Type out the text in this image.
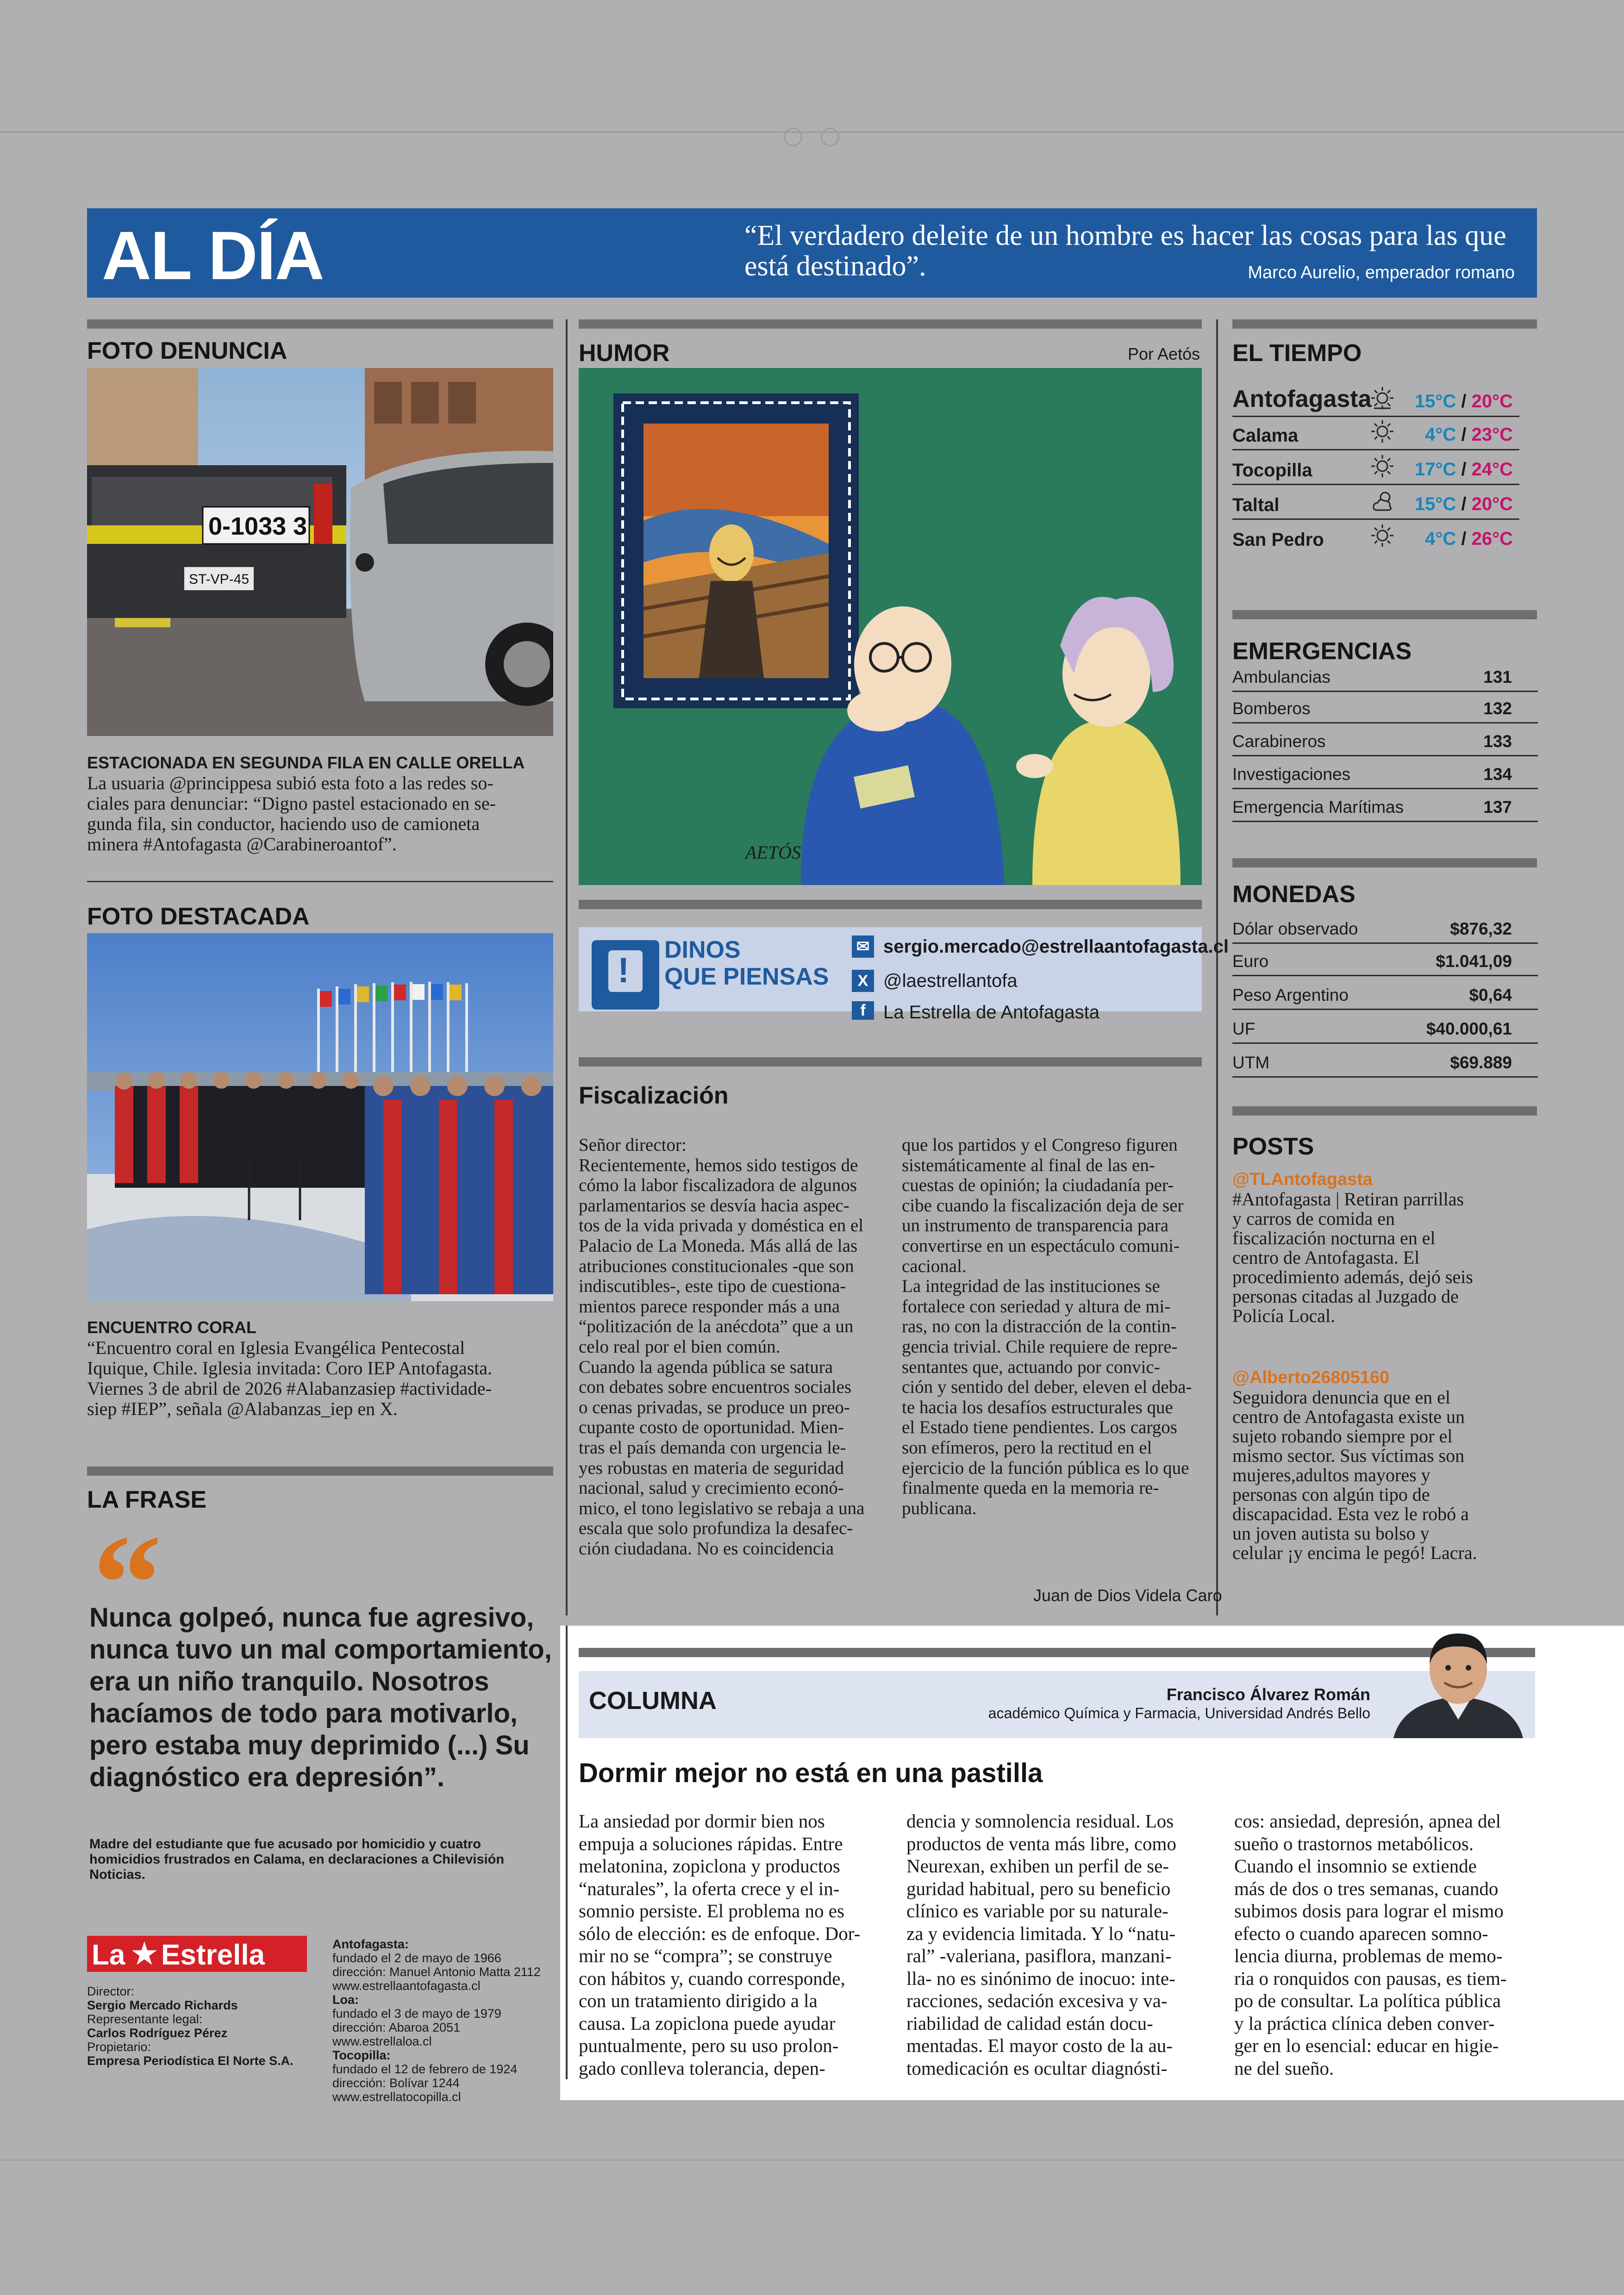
AL DÍA	“El verdadero deleite de un hombre es hacer las cosas para las que está destinado”.	Marco Aurelio, emperador romano
FOTO DENUNCIA
0-1033 3
ST-VP-45
ESTACIONADA EN SEGUNDA FILA EN CALLE ORELLA
La usuaria @princippesa subió esta foto a las redes so-
ciales para denunciar: “Digno pastel estacionado en se-
gunda fila, sin conductor, haciendo uso de camioneta
minera #Antofagasta @Carabineroantof”.
FOTO DESTACADA
ENCUENTRO CORAL
“Encuentro coral en Iglesia Evangélica Pentecostal
Iquique, Chile. Iglesia invitada: Coro IEP Antofagasta.
Viernes 3 de abril de 2026 #Alabanzasiep #actividade-
siep #IEP”, señala @Alabanzas_iep en X.
LA FRASE
“
Nunca golpeó, nunca fue agresivo,
nunca tuvo un mal comportamiento,
era un niño tranquilo. Nosotros
hacíamos de todo para motivarlo,
pero estaba muy deprimido (...) Su
diagnóstico era depresión”.
Madre del estudiante que fue acusado por homicidio y cuatro
homicidios frustrados en Calama, en declaraciones a Chilevisión
Noticias.
La ★ Estrella
Director:
Sergio Mercado Richards
Representante legal:
Carlos Rodríguez Pérez
Propietario:
Empresa Periodística El Norte S.A.
Antofagasta:
fundado el 2 de mayo de 1966
dirección: Manuel Antonio Matta 2112
www.estrellaantofagasta.cl
Loa:
fundado el 3 de mayo de 1979
dirección: Abaroa 2051
www.estrellaloa.cl
Tocopilla:
fundado el 12 de febrero de 1924
dirección: Bolívar 1244
www.estrellatocopilla.cl
HUMOR	Por Aetós
AETÓS
!
DINOS
QUE PIENSAS
✉ sergio.mercado@estrellaantofagasta.cl
X @laestrellantofa
f La Estrella de Antofagasta
Fiscalización
Señor director:
Recientemente, hemos sido testigos de
cómo la labor fiscalizadora de algunos
parlamentarios se desvía hacia aspec-
tos de la vida privada y doméstica en el
Palacio de La Moneda. Más allá de las
atribuciones constitucionales -que son
indiscutibles-, este tipo de cuestiona-
mientos parece responder más a una
“politización de la anécdota” que a un
celo real por el bien común.
Cuando la agenda pública se satura
con debates sobre encuentros sociales
o cenas privadas, se produce un preo-
cupante costo de oportunidad. Mien-
tras el país demanda con urgencia le-
yes robustas en materia de seguridad
nacional, salud y crecimiento econó-
mico, el tono legislativo se rebaja a una
escala que solo profundiza la desafec-
ción ciudadana. No es coincidencia
que los partidos y el Congreso figuren
sistemáticamente al final de las en-
cuestas de opinión; la ciudadanía per-
cibe cuando la fiscalización deja de ser
un instrumento de transparencia para
convertirse en un espectáculo comuni-
cacional.
La integridad de las instituciones se
fortalece con seriedad y altura de mi-
ras, no con la distracción de la contin-
gencia trivial. Chile requiere de repre-
sentantes que, actuando por convic-
ción y sentido del deber, eleven el deba-
te hacia los desafíos estructurales que
el Estado tiene pendientes. Los cargos
son efímeros, pero la rectitud en el
ejercicio de la función pública es lo que
finalmente queda en la memoria re-
publicana.
Juan de Dios Videla Caro
EL TIEMPO
Antofagasta 15°C / 20°C
Calama	4°C / 23°C
Tocopilla	17°C / 24°C
Taltal	15°C / 20°C
San Pedro	4°C / 26°C
EMERGENCIAS
Ambulancias	131
Bomberos	132
Carabineros	133
Investigaciones	134
Emergencia Marítimas	137
MONEDAS
Dólar observado	$876,32
Euro	$1.041,09
Peso Argentino	$0,64
UF	$40.000,61
UTM	$69.889
POSTS
@TLAntofagasta
#Antofagasta | Retiran parrillas
y carros de comida en
fiscalización nocturna en el
centro de Antofagasta. El
procedimiento además, dejó seis
personas citadas al Juzgado de
Policía Local.
@Alberto26805160
Seguidora denuncia que en el
centro de Antofagasta existe un
sujeto robando siempre por el
mismo sector. Sus víctimas son
mujeres,adultos mayores y
personas con algún tipo de
discapacidad. Esta vez le robó a
un joven autista su bolso y
celular ¡y encima le pegó! Lacra.
COLUMNA	Francisco Álvarez Román
académico Química y Farmacia, Universidad Andrés Bello
Dormir mejor no está en una pastilla
La ansiedad por dormir bien nos
empuja a soluciones rápidas. Entre
melatonina, zopiclona y productos
“naturales”, la oferta crece y el in-
somnio persiste. El problema no es
sólo de elección: es de enfoque. Dor-
mir no se “compra”; se construye
con hábitos y, cuando corresponde,
con un tratamiento dirigido a la
causa. La zopiclona puede ayudar
puntualmente, pero su uso prolon-
gado conlleva tolerancia, depen-
dencia y somnolencia residual. Los
productos de venta más libre, como
Neurexan, exhiben un perfil de se-
guridad habitual, pero su beneficio
clínico es variable por su naturale-
za y evidencia limitada. Y lo “natu-
ral” -valeriana, pasiflora, manzani-
lla- no es sinónimo de inocuo: inte-
racciones, sedación excesiva y va-
riabilidad de calidad están docu-
mentadas. El mayor costo de la au-
tomedicación es ocultar diagnósti-
cos: ansiedad, depresión, apnea del
sueño o trastornos metabólicos.
Cuando el insomnio se extiende
más de dos o tres semanas, cuando
subimos dosis para lograr el mismo
efecto o cuando aparecen somno-
lencia diurna, problemas de memo-
ria o ronquidos con pausas, es tiem-
po de consultar. La política pública
y la práctica clínica deben conver-
ger en lo esencial: educar en higie-
ne del sueño.
